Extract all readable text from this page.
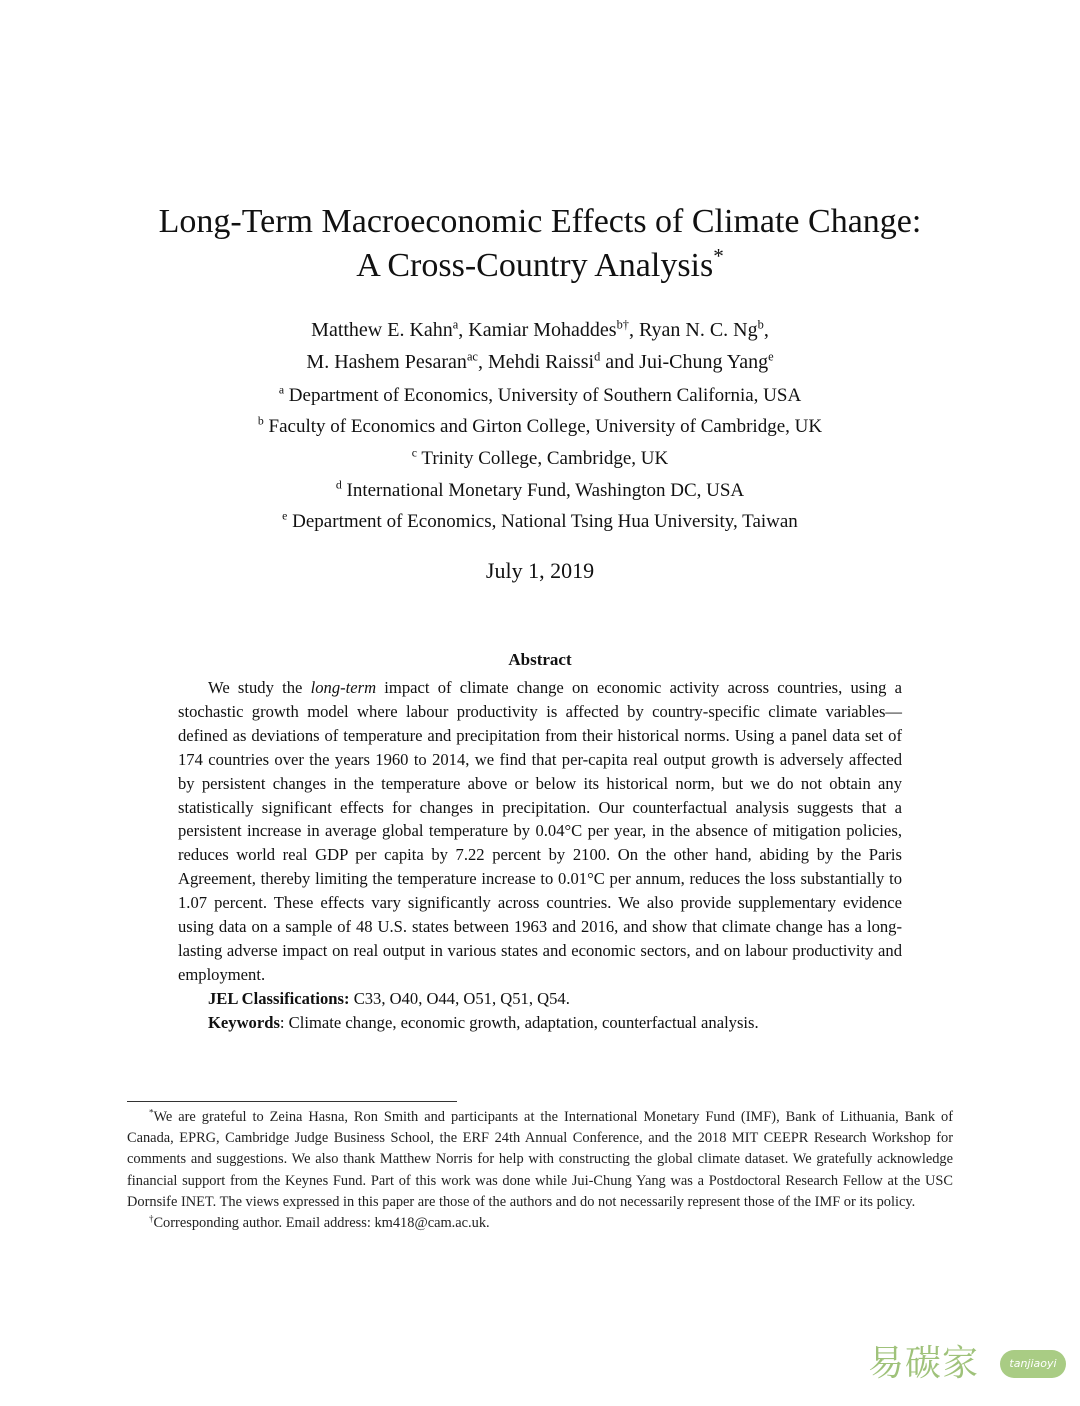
Long-Term Macroeconomic Effects of Climate Change:
A Cross-Country Analysis*
Matthew E. Kahn$^a$, Kamiar Mohaddes$^{b\dagger}$, Ryan N. C. Ng$^b$,
M. Hashem Pesaran$^{ac}$, Mehdi Raissi$^d$ and Jui-Chung Yang$^e$
$^a$ Department of Economics, University of Southern California, USA
$^b$ Faculty of Economics and Girton College, University of Cambridge, UK
$^c$ Trinity College, Cambridge, UK
$^d$ International Monetary Fund, Washington DC, USA
$^e$ Department of Economics, National Tsing Hua University, Taiwan
July 1, 2019
Abstract

We study the long-term impact of climate change on economic activity across countries, using a stochastic growth model where labour productivity is affected by country-specific climate variables—defined as deviations of temperature and precipitation from their historical norms. Using a panel data set of 174 countries over the years 1960 to 2014, we find that per-capita real output growth is adversely affected by persistent changes in the temperature above or below its historical norm, but we do not obtain any statistically significant effects for changes in precipitation. Our counterfactual analysis suggests that a persistent increase in average global temperature by 0.04°C per year, in the absence of mitigation policies, reduces world real GDP per capita by 7.22 percent by 2100. On the other hand, abiding by the Paris Agreement, thereby limiting the temperature increase to 0.01°C per annum, reduces the loss substantially to 1.07 percent. These effects vary significantly across countries. We also provide supplementary evidence using data on a sample of 48 U.S. states between 1963 and 2016, and show that climate change has a long-lasting adverse impact on real output in various states and economic sectors, and on labour productivity and employment.

JEL Classifications: C33, O40, O44, O51, Q51, Q54.

Keywords: Climate change, economic growth, adaptation, counterfactual analysis.

*We are grateful to Zeina Hasna, Ron Smith and participants at the International Monetary Fund (IMF), Bank of Lithuania, Bank of Canada, EPRG, Cambridge Judge Business School, the ERF 24th Annual Conference, and the 2018 MIT CEEPR Research Workshop for comments and suggestions. We also thank Matthew Norris for help with constructing the global climate dataset. We gratefully acknowledge financial support from the Keynes Fund. Part of this work was done while Jui-Chung Yang was a Postdoctoral Research Fellow at the USC Dornsife INET. The views expressed in this paper are those of the authors and do not necessarily represent those of the IMF or its policy.

†Corresponding author. Email address: km418@cam.ac.uk.

易碳家	tanjiaoyi .com
